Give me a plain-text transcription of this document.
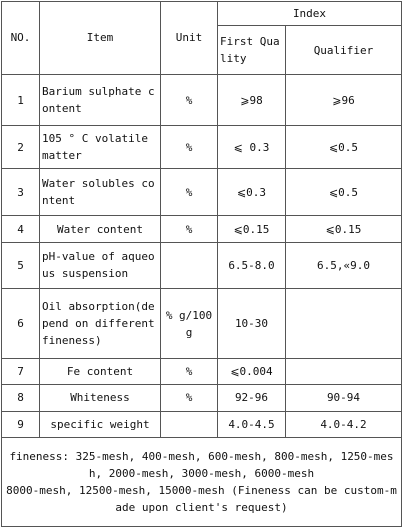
NO.	Item	Unit	Index	
			First Quality	Qualifier
1	Barium sulphate content	%	⩾98	⩾96
2	105 ° C volatile matter	%	⩽ 0.3	⩽0.5
3	Water solubles content	%	⩽0.3	⩽0.5
4	Water content	%	⩽0.15	⩽0.15
5	pH-value of aqueous suspension		6.5-8.0	6.5,«9.0
6	Oil absorption(depend on different fineness)	% g/100g	10-30	
7	Fe content	%	⩽0.004	
8	Whiteness	%	92-96	90-94
9	specific weight		4.0-4.5	4.0-4.2

fineness: 325-mesh, 400-mesh, 600-mesh, 800-mesh, 1250-mesh, 2000-mesh, 3000-mesh, 6000-mesh
8000-mesh, 12500-mesh, 15000-mesh (Fineness can be custom-made upon client's request)				
